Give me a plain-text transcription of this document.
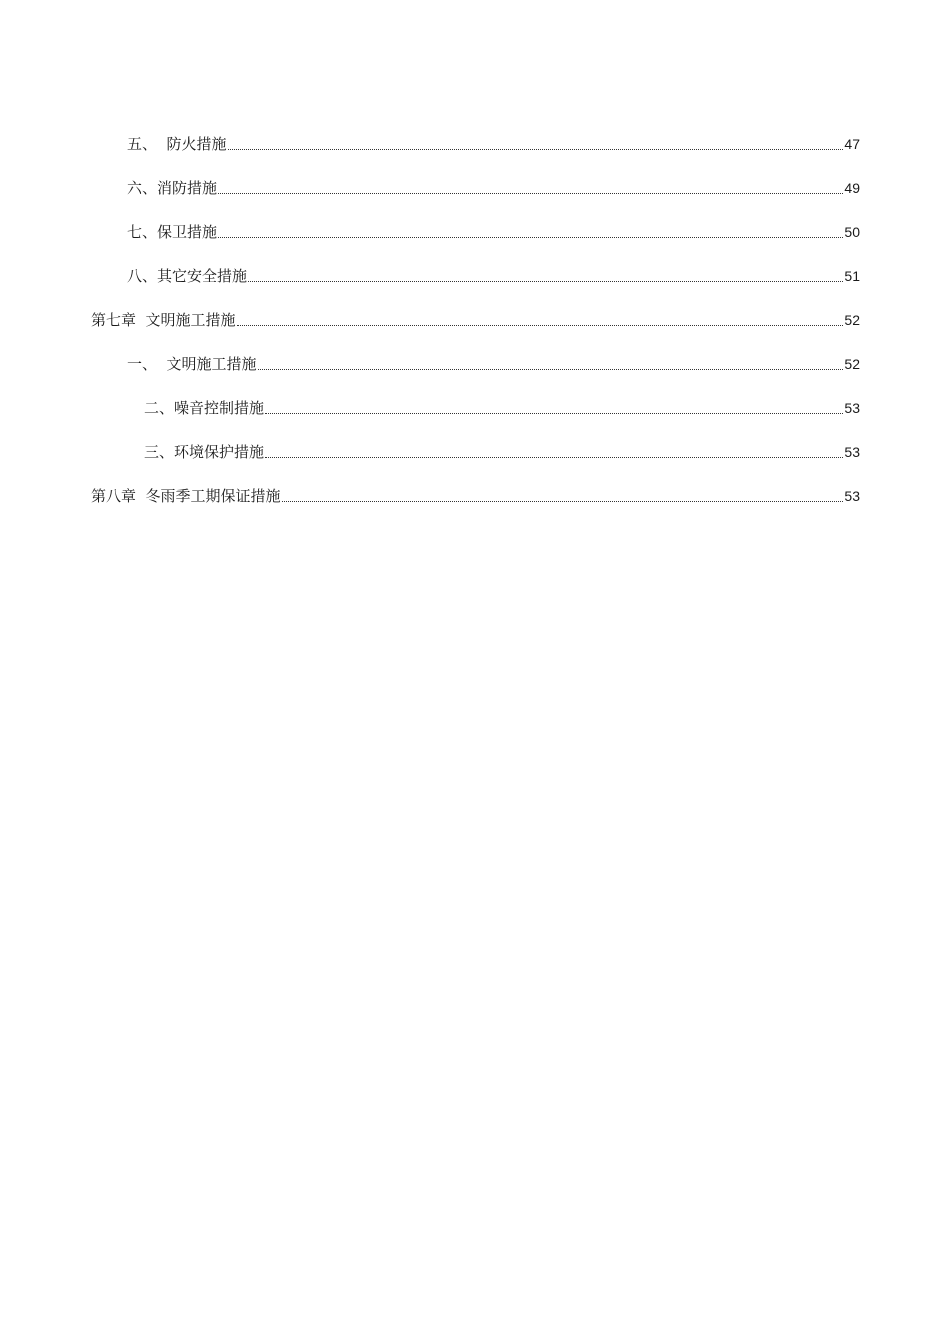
五、  防火措施	47
六、消防措施	49
七、保卫措施	50
八、其它安全措施	51
第七章  文明施工措施	52
一、  文明施工措施	52
二、噪音控制措施	53
三、环境保护措施	53
第八章  冬雨季工期保证措施	53
